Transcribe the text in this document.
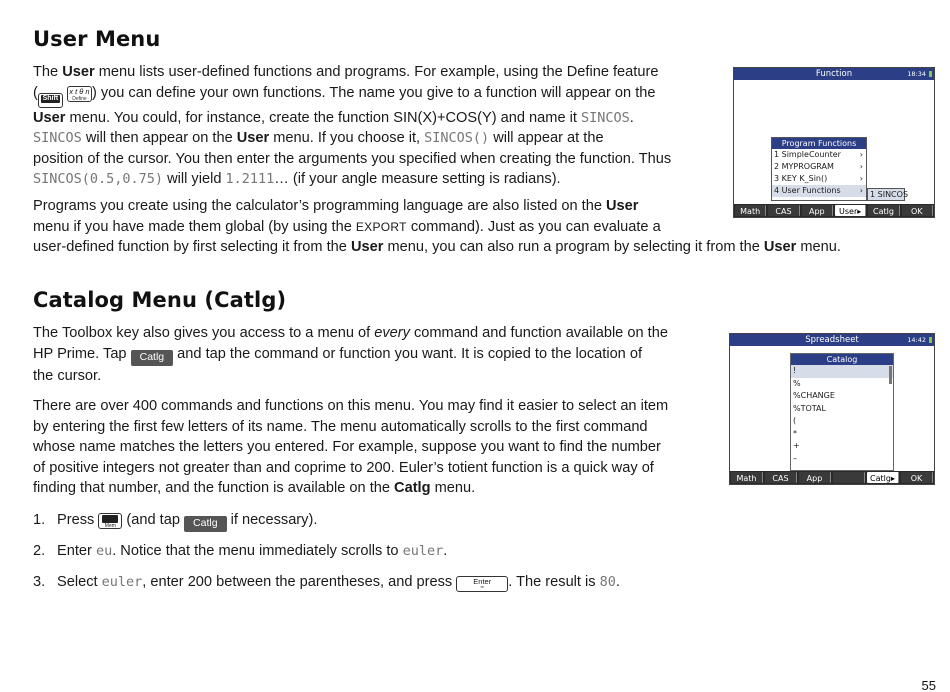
User Menu
The User menu lists user-defined functions and programs. For example, using the Define feature
( Shift

x t θ n
Define ) you can define your own functions. The name you give to a function will appear on the
User menu. You could, for instance, create the function SIN(X)+COS(Y) and name it SINCOS.
SINCOS will then appear on the User menu. If you choose it, SINCOS() will appear at the
position of the cursor. You then enter the arguments you specified when creating the function. Thus
SINCOS(0.5,0.75) will yield 1.2111… (if your angle measure setting is radians).
Programs you create using the calculator’s programming language are also listed on the User
menu if you have made them global (by using the EXPORT command). Just as you can evaluate a
user-defined function by first selecting it from the User menu, you can also run a program by selecting it from the User menu.
Function	18:34
Program Functions
1 SimpleCounter ›
2 MYPROGRAM	›
3 KEY K_Sin()	›
4 User Functions › 1 SINCOS
Math	CAS	App	User▸	Catlg	OK
Catalog Menu (Catlg)
The Toolbox key also gives you access to a menu of every command and function available on the
HP Prime. Tap Catlg and tap the command or function you want. It is copied to the location of
the cursor.
There are over 400 commands and functions on this menu. You may find it easier to select an item
by entering the first few letters of its name. The menu automatically scrolls to the first command
whose name matches the letters you entered. For example, suppose you want to find the number
of positive integers not greater than and coprime to 200. Euler’s totient function is a quick way of
finding that number, and the function is available on the Catlg menu.
1. Press	Mem (and tap Catlg if necessary).
2. Enter eu. Notice that the menu immediately scrolls to euler.
3. Select euler, enter 200 between the parentheses, and press	Enter
≈	. The result is 80.
Spreadsheet	14:42
Catalog
!
%
%CHANGE
%TOTAL
(
*
+
–
Math	CAS	App	Catlg▸	OK
55
